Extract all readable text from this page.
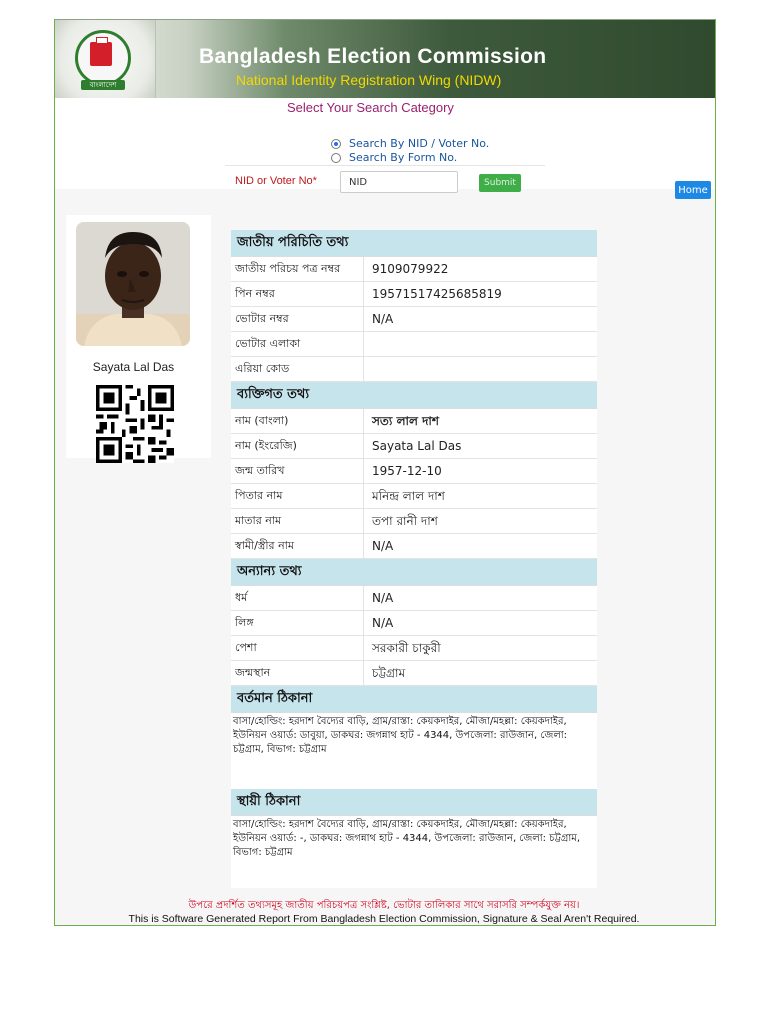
বাংলাদেশ
Bangladesh Election Commission
National Identity Registration Wing (NIDW)
Select Your Search Category
Search By NID / Voter No.
Search By Form No.
NID or Voter No*
NID	Submit
Home
Sayata Lal Das
জাতীয় পরিচিতি তথ্য
জাতীয় পরিচয় পত্র নম্বর	9109079922
পিন নম্বর	19571517425685819
ভোটার নম্বর	N/A
ভোটার এলাকা
এরিয়া কোড
ব্যক্তিগত তথ্য
নাম (বাংলা)	সত্য লাল দাশ
নাম (ইংরেজি)	Sayata Lal Das
জন্ম তারিখ	1957-12-10
পিতার নাম	মনিন্দ্র লাল দাশ
মাতার নাম	তপা রানী দাশ
স্বামী/স্ত্রীর নাম	N/A
অন্যান্য তথ্য
ধর্ম	N/A
লিঙ্গ	N/A
পেশা	সরকারী চাকুরী
জন্মস্থান	চট্টগ্রাম
বর্তমান ঠিকানা
বাসা/হোল্ডিং: হরদাশ বৈদ্যের বাড়ি, গ্রাম/রাস্তা: কেয়কদাইর, মৌজা/মহল্লা: কেয়কদাইর, ইউনিয়ন ওয়ার্ড: ডাবুয়া, ডাকঘর: জগন্নাথ হাট - 4344, উপজেলা: রাউজান, জেলা: চট্টগ্রাম, বিভাগ: চট্টগ্রাম
স্থায়ী ঠিকানা
বাসা/হোল্ডিং: হরদাশ বৈদ্যের বাড়ি, গ্রাম/রাস্তা: কেয়কদাইর, মৌজা/মহল্লা: কেয়কদাইর, ইউনিয়ন ওয়ার্ড: -, ডাকঘর: জগন্নাথ হাট - 4344, উপজেলা: রাউজান, জেলা: চট্টগ্রাম, বিভাগ: চট্টগ্রাম
উপরে প্রদর্শিত তথ্যসমূহ জাতীয় পরিচয়পত্র সংশ্লিষ্ট, ভোটার তালিকার সাথে সরাসরি সম্পর্কযুক্ত নয়।
This is Software Generated Report From Bangladesh Election Commission, Signature & Seal Aren't Required.
